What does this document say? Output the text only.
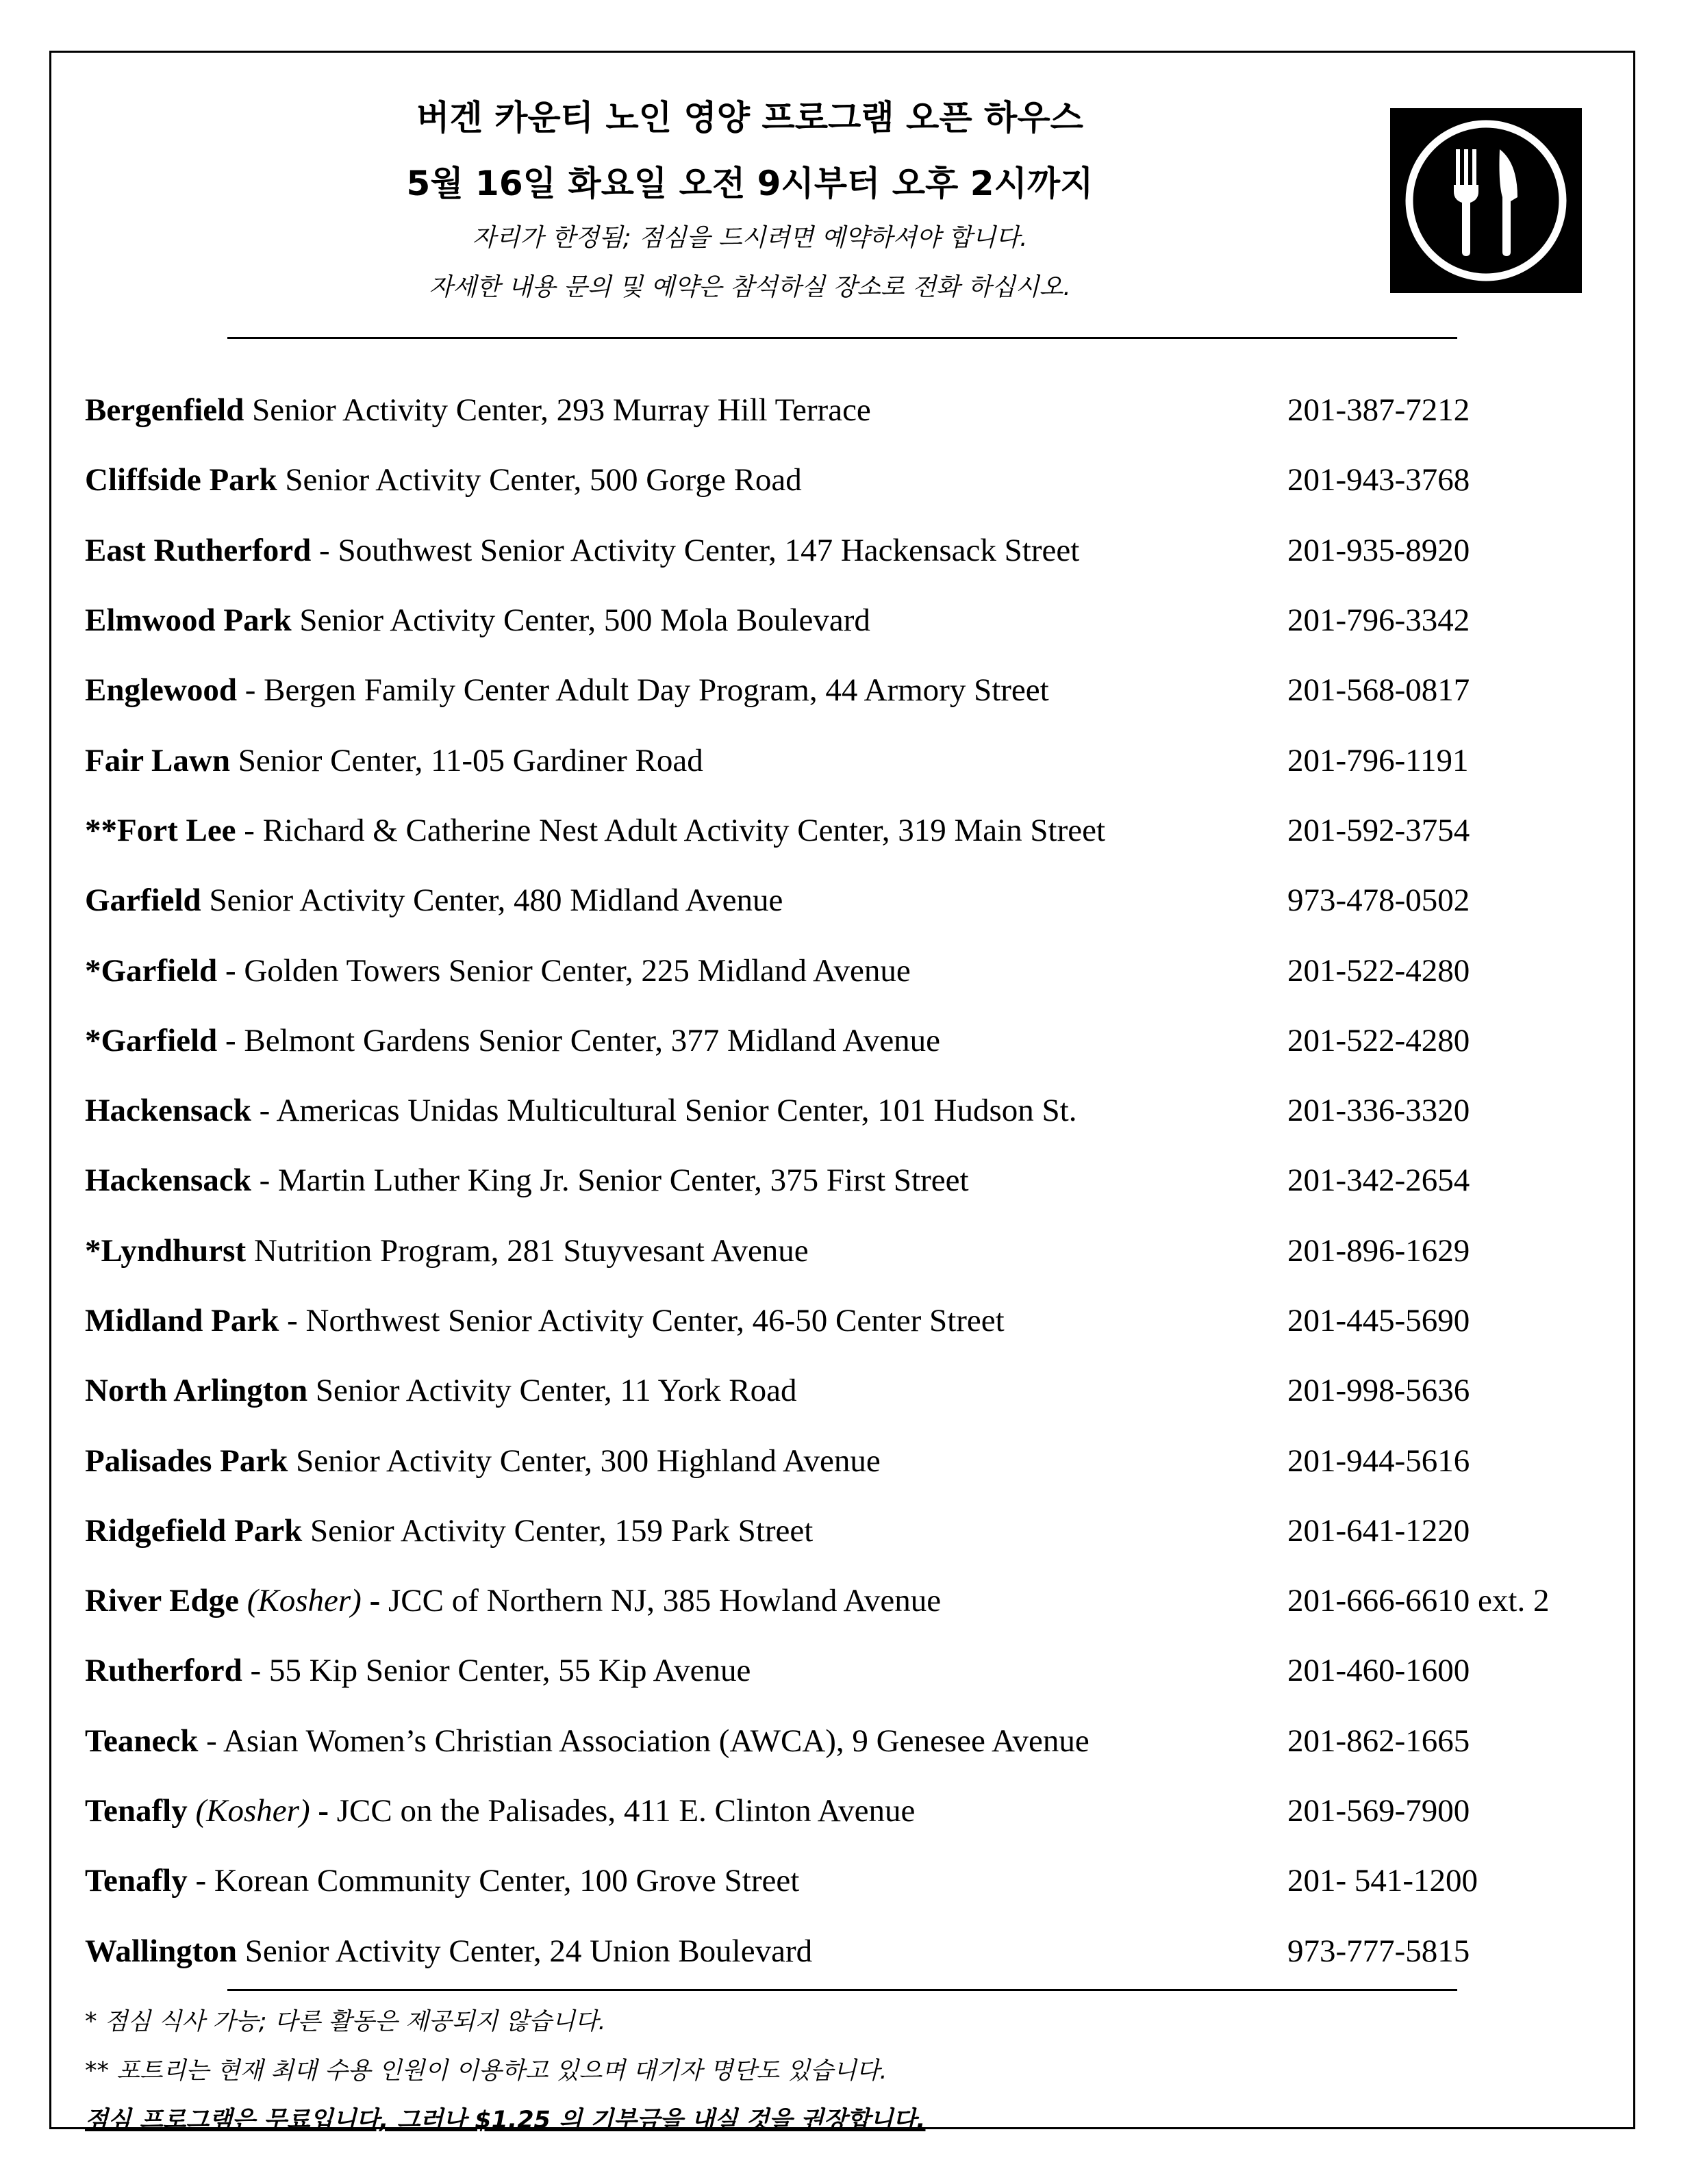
버겐 카운티 노인 영양 프로그램 오픈 하우스
5월 16일 화요일 오전 9시부터 오후 2시까지
자리가 한정됨; 점심을 드시려면 예약하셔야 합니다.
자세한 내용 문의 및 예약은 참석하실 장소로 전화 하십시오.
Bergenfield Senior Activity Center, 293 Murray Hill Terrace	201-387-7212
Cliffside Park Senior Activity Center, 500 Gorge Road	201-943-3768
East Rutherford - Southwest Senior Activity Center, 147 Hackensack Street	201-935-8920
Elmwood Park Senior Activity Center, 500 Mola Boulevard	201-796-3342
Englewood - Bergen Family Center Adult Day Program, 44 Armory Street	201-568-0817
Fair Lawn Senior Center, 11-05 Gardiner Road	201-796-1191
**Fort Lee - Richard & Catherine Nest Adult Activity Center, 319 Main Street	201-592-3754
Garfield Senior Activity Center, 480 Midland Avenue	973-478-0502
*Garfield - Golden Towers Senior Center, 225 Midland Avenue	201-522-4280
*Garfield - Belmont Gardens Senior Center, 377 Midland Avenue	201-522-4280
Hackensack - Americas Unidas Multicultural Senior Center, 101 Hudson St.	201-336-3320
Hackensack - Martin Luther King Jr. Senior Center, 375 First Street	201-342-2654
*Lyndhurst Nutrition Program, 281 Stuyvesant Avenue	201-896-1629
Midland Park - Northwest Senior Activity Center, 46-50 Center Street	201-445-5690
North Arlington Senior Activity Center, 11 York Road	201-998-5636
Palisades Park Senior Activity Center, 300 Highland Avenue	201-944-5616
Ridgefield Park Senior Activity Center, 159 Park Street	201-641-1220
River Edge (Kosher) - JCC of Northern NJ, 385 Howland Avenue	201-666-6610 ext. 2
Rutherford - 55 Kip Senior Center, 55 Kip Avenue	201-460-1600
Teaneck - Asian Women’s Christian Association (AWCA), 9 Genesee Avenue	201-862-1665
Tenafly (Kosher) - JCC on the Palisades, 411 E. Clinton Avenue	201-569-7900
Tenafly - Korean Community Center, 100 Grove Street	201- 541-1200
Wallington Senior Activity Center, 24 Union Boulevard	973-777-5815
* 점심 식사 가능; 다른 활동은 제공되지 않습니다.
** 포트리는 현재 최대 수용 인원이 이용하고 있으며 대기자 명단도 있습니다.
점심 프로그램은 무료입니다, 그러나 $1.25 의 기부금을 내실 것을 권장합니다.
